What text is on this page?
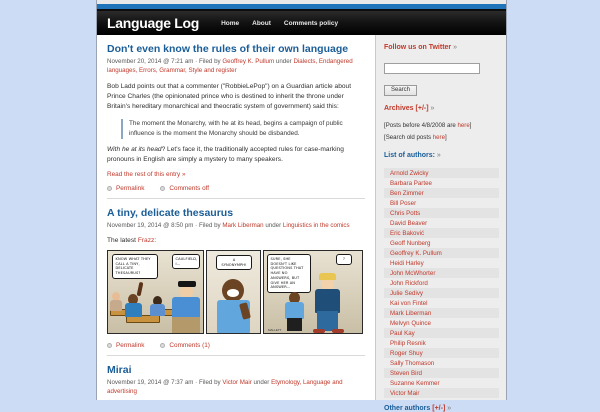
Language Log	Home About Comments policy
Don't even know the rules of their own language
November 20, 2014 @ 7:21 am · Filed by Geoffrey K. Pullum under Dialects, Endangered languages, Errors, Grammar, Style and register

Bob Ladd points out that a commenter ("RobbieLePop") on a Guardian article about Prince Charles (the opinionated prince who is destined to inherit the throne under Britain's hereditary monarchical and theocratic system of government) said this:

The moment the Monarchy, with he at its head, begins a campaign of public influence is the moment the Monarchy should be disbanded.

With he at its head? Let's face it, the traditionally accepted rules for case-marking pronouns in English are simply a mystery to many speakers.

Read the rest of this entry »
Permalink	Comments off
A tiny, delicate thesaurus
November 19, 2014 @ 8:50 pm · Filed by Mark Liberman under Linguistics in the comics
The latest Frazz:
KNOW WHAT THEY CALL A TINY, DELICATE THESAURUS?
CAULFIELD, I...
A SYNONYMPH!
SURE, SHE DOESN'T LIKE QUESTIONS THAT HAVE NO ANSWERS, BUT GIVE HER AN ANSWER...
?
MALLETT
Permalink	Comments (1)
Mirai
November 19, 2014 @ 7:37 am · Filed by Victor Mair under Etymology, Language and advertising
Follow us on Twitter »
Search
Archives [+/-] »
[Posts before 4/8/2008 are here]
[Search old posts here]
List of authors: »
Arnold Zwicky
Barbara Partee
Ben Zimmer
Bill Poser
Chris Potts
David Beaver
Eric Baković
Geoff Nunberg
Geoffrey K. Pullum
Heidi Harley
John McWhorter
John Rickford
Julie Sedivy
Kai von Fintel
Mark Liberman
Melvyn Quince
Paul Kay
Philip Resnik
Roger Shuy
Sally Thomason
Steven Bird
Suzanne Kemmer
Victor Mair
Other authors [+/-] »
